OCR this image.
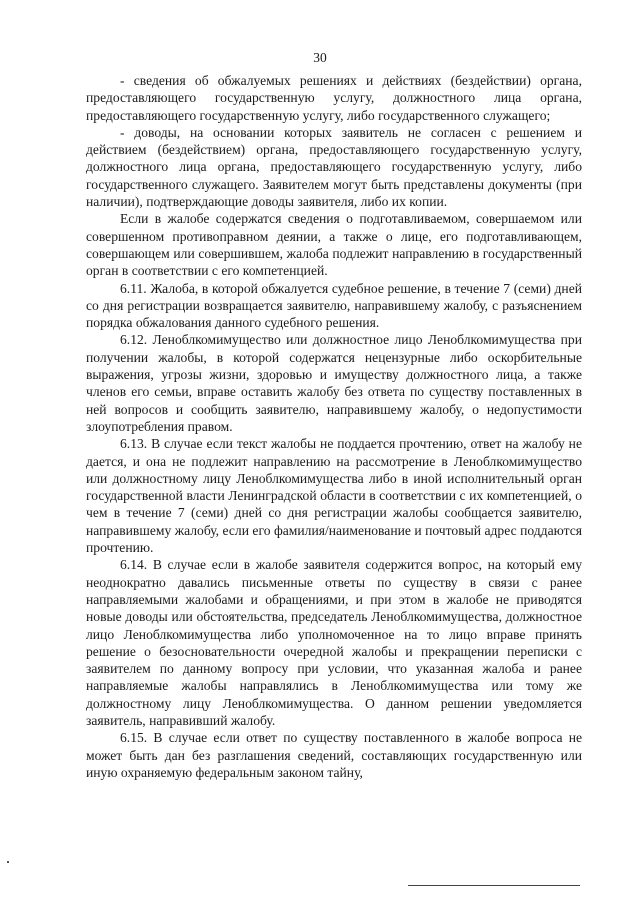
30

- сведения об обжалуемых решениях и действиях (бездействии) органа, предоставляющего государственную услугу, должностного лица органа, предоставляющего государственную услугу, либо государственного служащего;

- доводы, на основании которых заявитель не согласен с решением и действием (бездействием) органа, предоставляющего государственную услугу, должностного лица органа, предоставляющего государственную услугу, либо государственного служащего. Заявителем могут быть представлены документы (при наличии), подтверждающие доводы заявителя, либо их копии.

Если в жалобе содержатся сведения о подготавливаемом, совершаемом или совершенном противоправном деянии, а также о лице, его подготавливающем, совершающем или совершившем, жалоба подлежит направлению в государственный орган в соответствии с его компетенцией.

6.11. Жалоба, в которой обжалуется судебное решение, в течение 7 (семи) дней со дня регистрации возвращается заявителю, направившему жалобу, с разъяснением порядка обжалования данного судебного решения.

6.12. Леноблкомимущество или должностное лицо Леноблкомимущества при получении жалобы, в которой содержатся нецензурные либо оскорбительные выражения, угрозы жизни, здоровью и имуществу должностного лица, а также членов его семьи, вправе оставить жалобу без ответа по существу поставленных в ней вопросов и сообщить заявителю, направившему жалобу, о недопустимости злоупотребления правом.

6.13. В случае если текст жалобы не поддается прочтению, ответ на жалобу не дается, и она не подлежит направлению на рассмотрение в Леноблкомимущество или должностному лицу Леноблкомимущества либо в иной исполнительный орган государственной власти Ленинградской области в соответствии с их компетенцией, о чем в течение 7 (семи) дней со дня регистрации жалобы сообщается заявителю, направившему жалобу, если его фамилия/наименование и почтовый адрес поддаются прочтению.

6.14. В случае если в жалобе заявителя содержится вопрос, на который ему неоднократно давались письменные ответы по существу в связи с ранее направляемыми жалобами и обращениями, и при этом в жалобе не приводятся новые доводы или обстоятельства, председатель Леноблкомимущества, должностное лицо Леноблкомимущества либо уполномоченное на то лицо вправе принять решение о безосновательности очередной жалобы и прекращении переписки с заявителем по данному вопросу при условии, что указанная жалоба и ранее направляемые жалобы направлялись в Леноблкомимущества или тому же должностному лицу Леноблкомимущества. О данном решении уведомляется заявитель, направивший жалобу.

6.15. В случае если ответ по существу поставленного в жалобе вопроса не может быть дан без разглашения сведений, составляющих государственную или иную охраняемую федеральным законом тайну,
